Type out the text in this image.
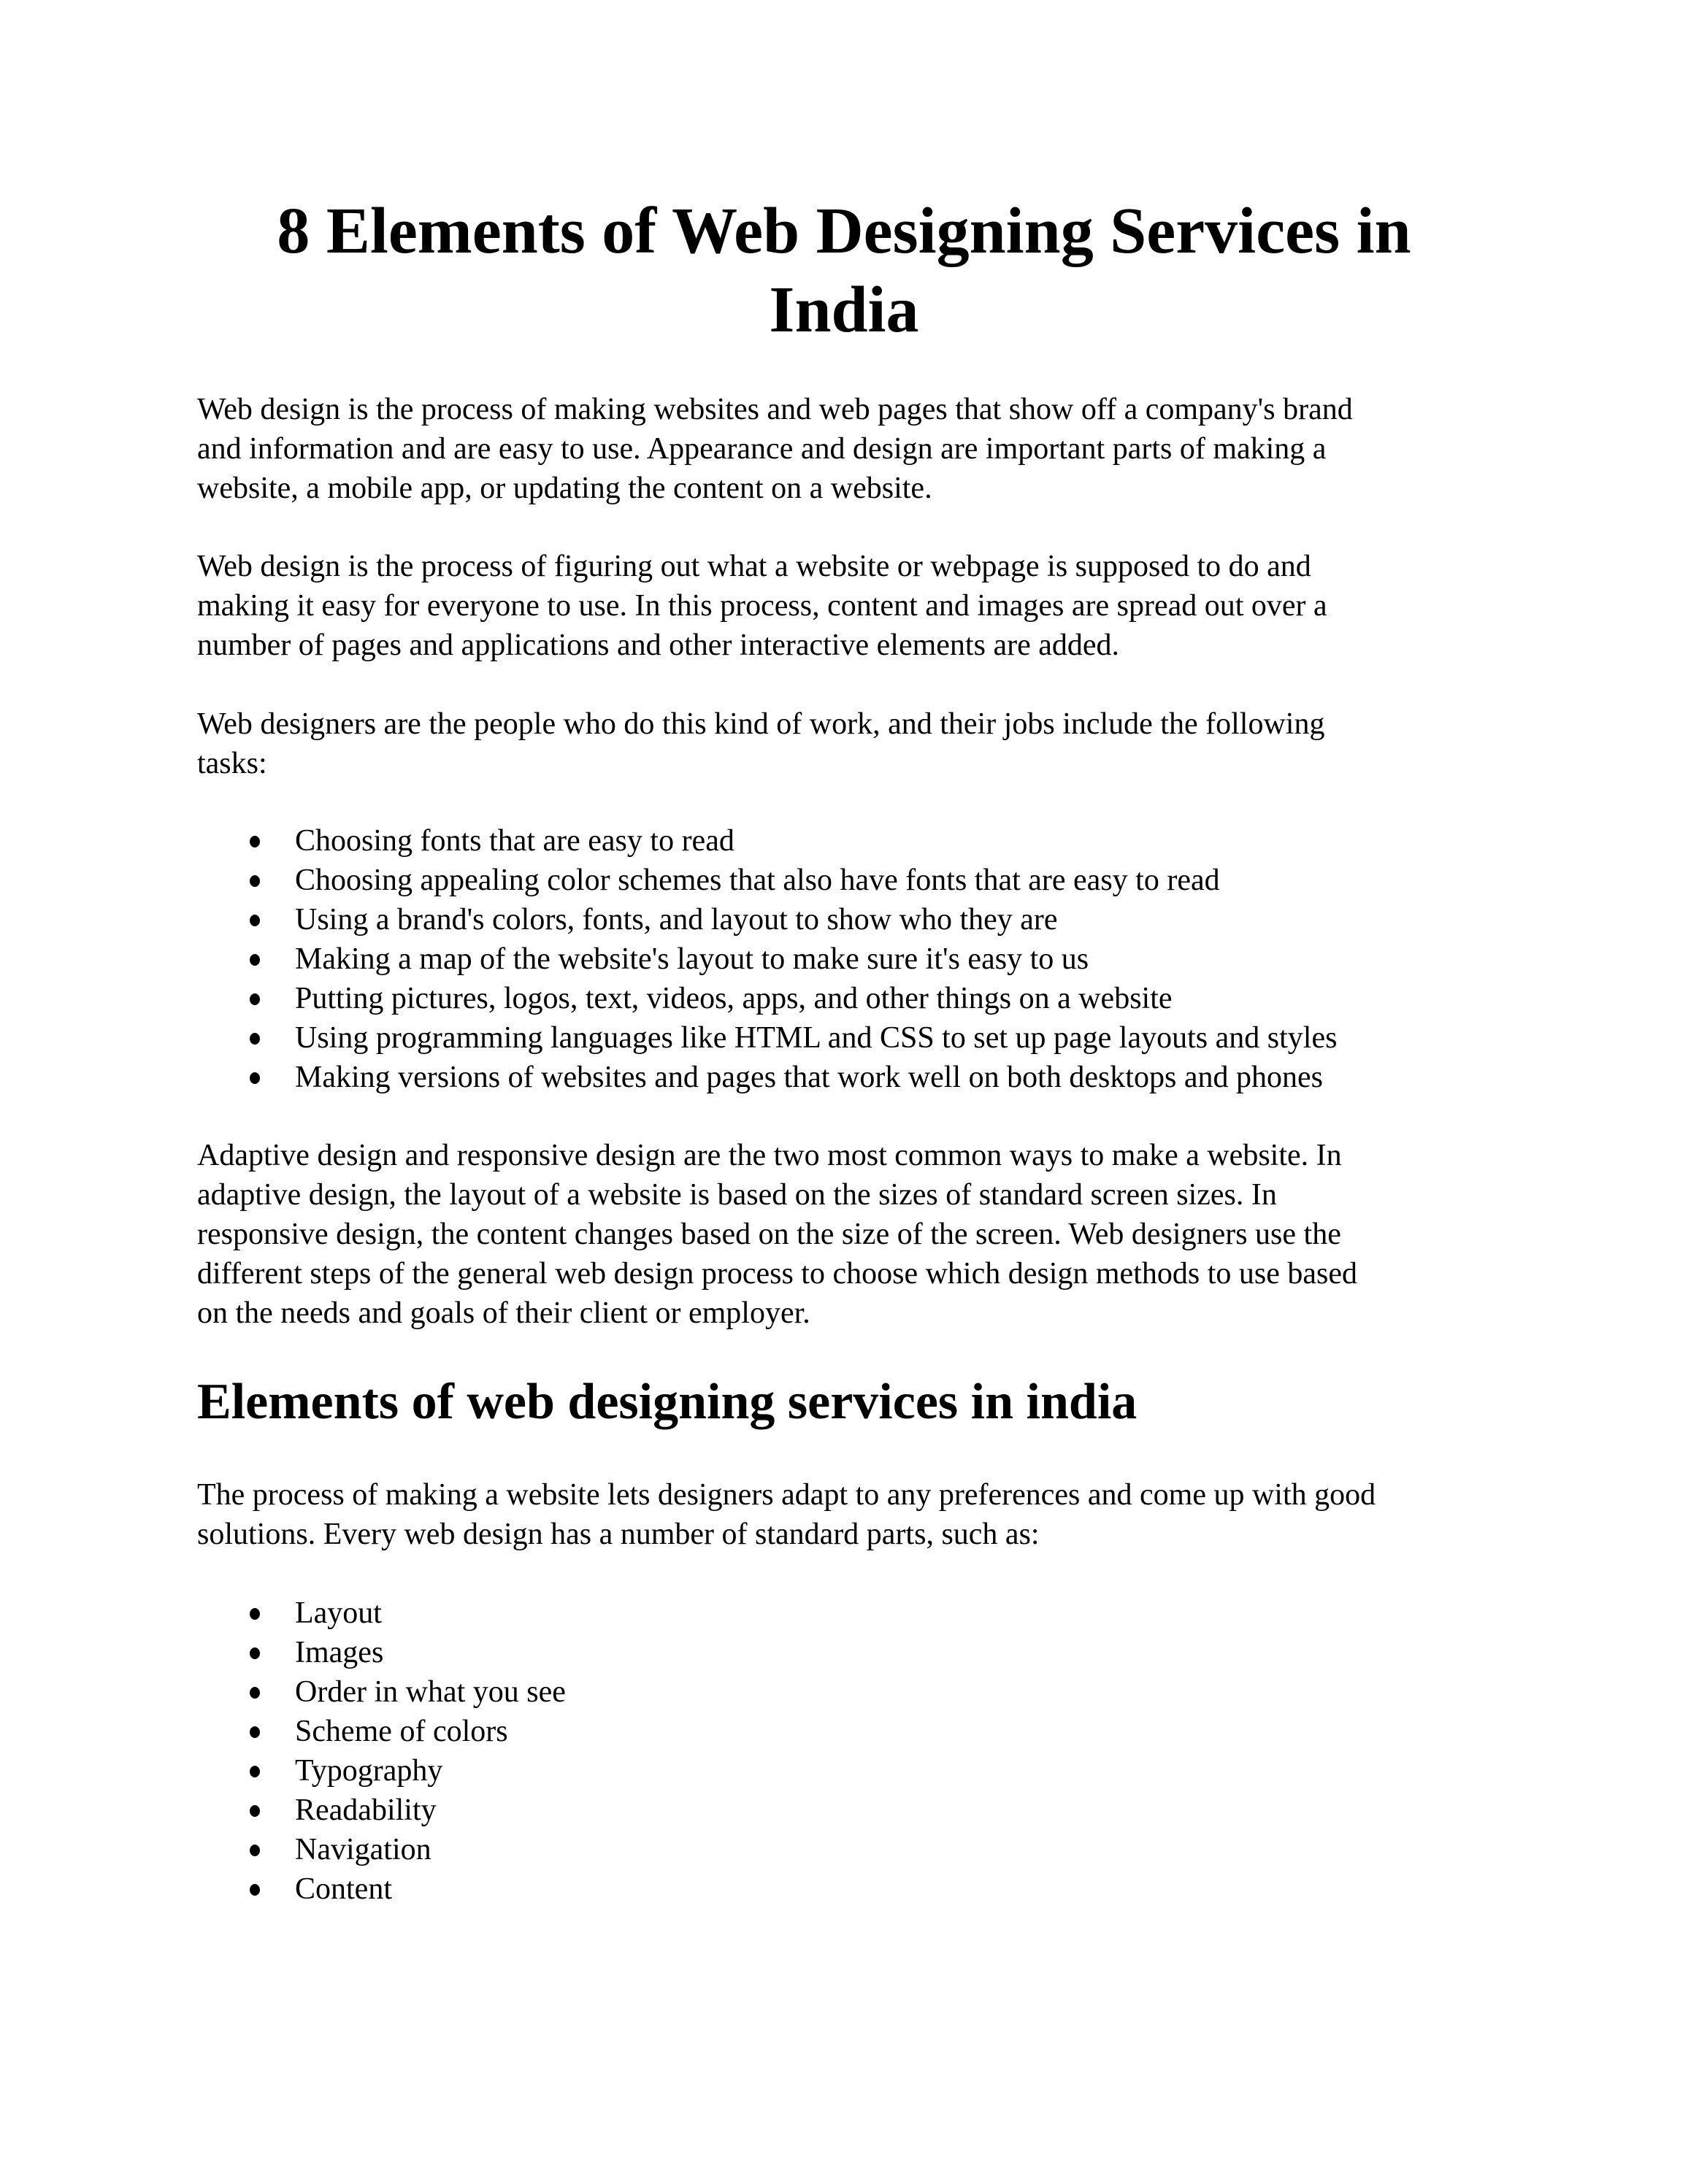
8 Elements of Web Designing Services in
India
Web design is the process of making websites and web pages that show off a company's brand
and information and are easy to use. Appearance and design are important parts of making a
website, a mobile app, or updating the content on a website.
Web design is the process of figuring out what a website or webpage is supposed to do and
making it easy for everyone to use. In this process, content and images are spread out over a
number of pages and applications and other interactive elements are added.
Web designers are the people who do this kind of work, and their jobs include the following
tasks:
Choosing fonts that are easy to read
Choosing appealing color schemes that also have fonts that are easy to read
Using a brand's colors, fonts, and layout to show who they are
Making a map of the website's layout to make sure it's easy to us
Putting pictures, logos, text, videos, apps, and other things on a website
Using programming languages like HTML and CSS to set up page layouts and styles
Making versions of websites and pages that work well on both desktops and phones
Adaptive design and responsive design are the two most common ways to make a website. In
adaptive design, the layout of a website is based on the sizes of standard screen sizes. In
responsive design, the content changes based on the size of the screen. Web designers use the
different steps of the general web design process to choose which design methods to use based
on the needs and goals of their client or employer.
Elements of web designing services in india
The process of making a website lets designers adapt to any preferences and come up with good
solutions. Every web design has a number of standard parts, such as:
Layout
Images
Order in what you see
Scheme of colors
Typography
Readability
Navigation
Content
